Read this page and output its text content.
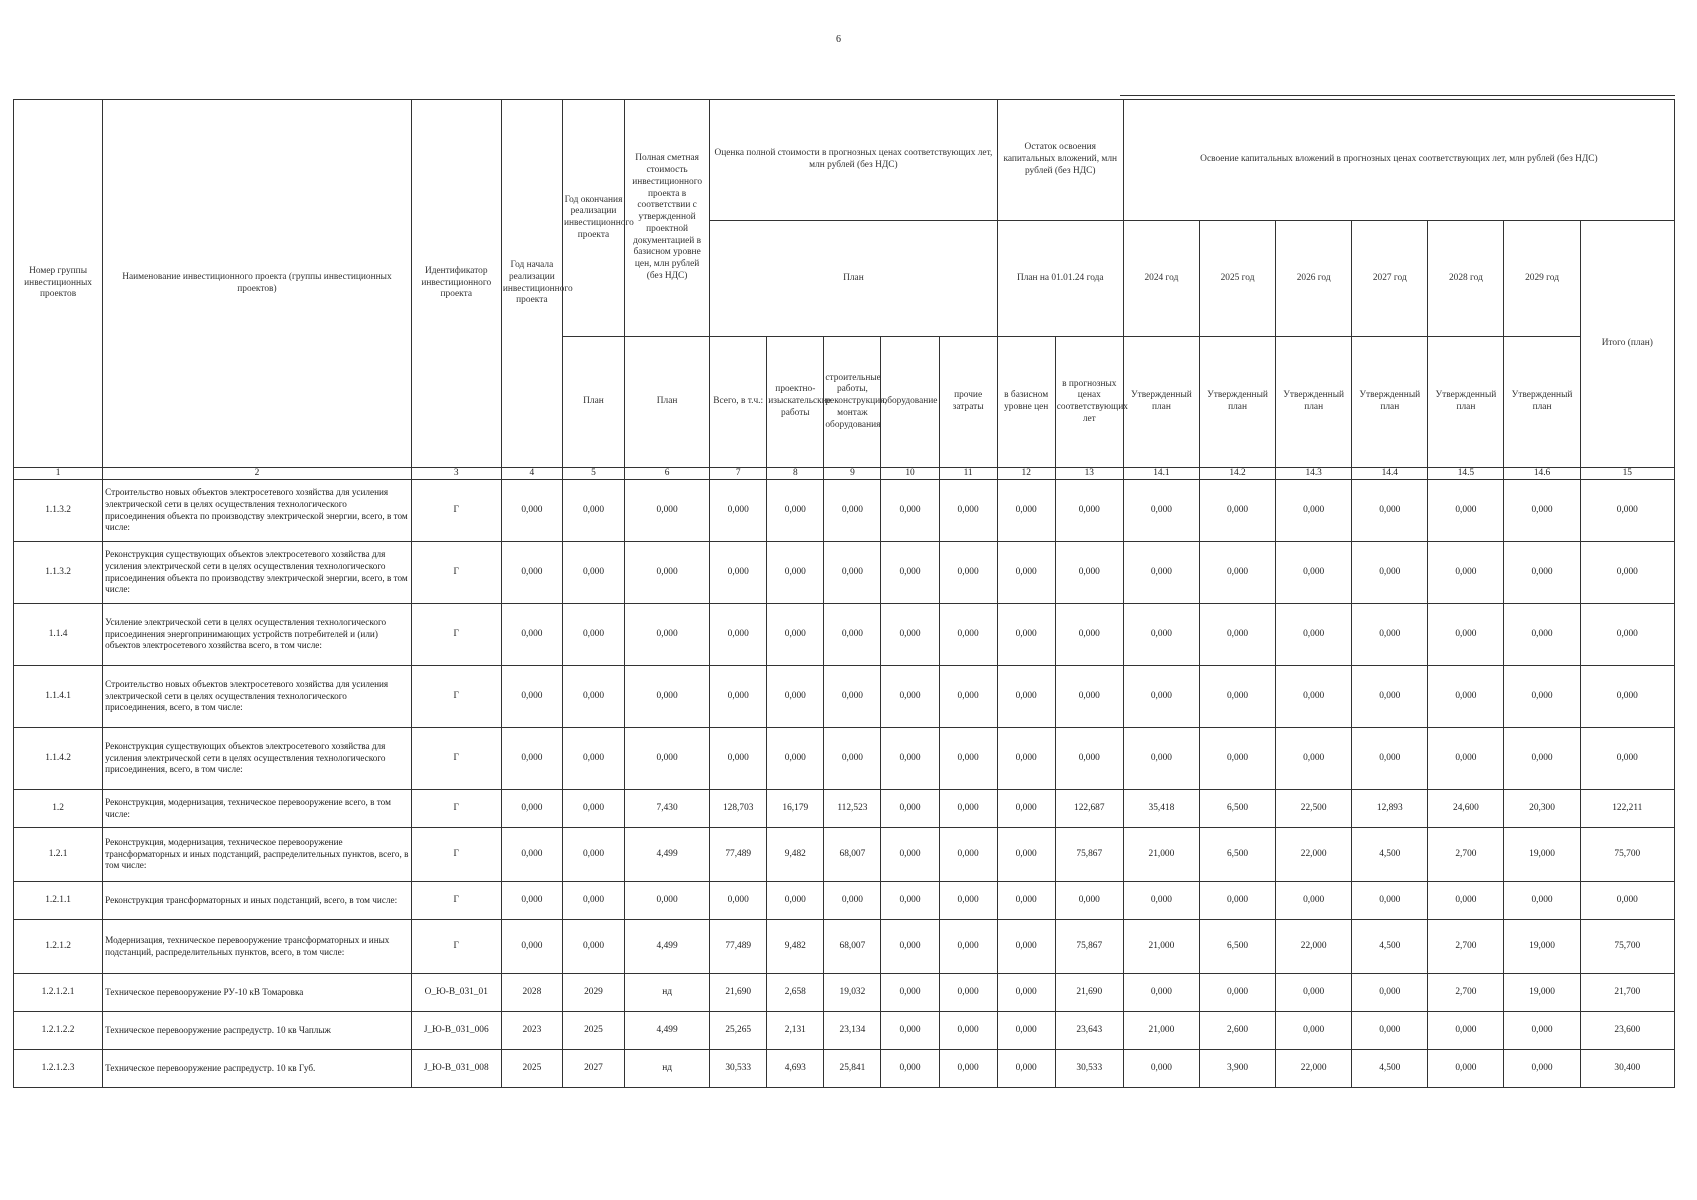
6
Номер группы инвестиционных проектов	Наименование инвестиционного проекта (группы инвестиционных проектов)	Идентификатор инвестиционного проекта	Год начала реализации инвестиционного проекта	Год окончания реализации инвестиционного проекта	Полная сметная стоимость инвестиционного проекта в соответствии с утвержденной проектной документацией в базисном уровне цен, млн рублей (без НДС)	Оценка полной стоимости в прогнозных ценах соответствующих лет, млн рублей (без НДС)					Остаток освоения капитальных вложений, млн рублей (без НДС)		Освоение капитальных вложений в прогнозных ценах соответствующих лет, млн рублей (без НДС)						
						План					План на 01.01.24 года		2024 год	2025 год	2026 год	2027 год	2028 год	2029 год	Итого (план)
				План	План	Всего, в т.ч.:	проектно-изыскательские работы	строительные работы, реконструкция, монтаж оборудования	оборудование	прочие затраты	в базисном уровне цен	в прогнозных ценах соответствующих лет	Утвержденный план	Утвержденный план	Утвержденный план	Утвержденный план	Утвержденный план	Утвержденный план	
1	2	3	4	5	6	7	8	9	10	11	12	13	14.1	14.2	14.3	14.4	14.5	14.6	15
1.1.3.2	Строительство новых объектов электросетевого хозяйства для усиления электрической сети в целях осуществления технологического присоединения объекта по производству электрической энергии, всего, в том числе:	Г	0,000	0,000	0,000	0,000	0,000	0,000	0,000	0,000	0,000	0,000	0,000	0,000	0,000	0,000	0,000	0,000	0,000
1.1.3.2	Реконструкция существующих объектов электросетевого хозяйства для усиления электрической сети в целях осуществления технологического присоединения объекта по производству электрической энергии, всего, в том числе:	Г	0,000	0,000	0,000	0,000	0,000	0,000	0,000	0,000	0,000	0,000	0,000	0,000	0,000	0,000	0,000	0,000	0,000
1.1.4	Усиление электрической сети в целях осуществления технологического присоединения энергопринимающих устройств потребителей и (или) объектов электросетевого хозяйства всего, в том числе:	Г	0,000	0,000	0,000	0,000	0,000	0,000	0,000	0,000	0,000	0,000	0,000	0,000	0,000	0,000	0,000	0,000	0,000
1.1.4.1	Строительство новых объектов электросетевого хозяйства для усиления электрической сети в целях осуществления технологического присоединения, всего, в том числе:	Г	0,000	0,000	0,000	0,000	0,000	0,000	0,000	0,000	0,000	0,000	0,000	0,000	0,000	0,000	0,000	0,000	0,000
1.1.4.2	Реконструкция существующих объектов электросетевого хозяйства для усиления электрической сети в целях осуществления технологического присоединения, всего, в том числе:	Г	0,000	0,000	0,000	0,000	0,000	0,000	0,000	0,000	0,000	0,000	0,000	0,000	0,000	0,000	0,000	0,000	0,000
1.2	Реконструкция, модернизация, техническое перевооружение всего, в том числе:	Г	0,000	0,000	7,430	128,703	16,179	112,523	0,000	0,000	0,000	122,687	35,418	6,500	22,500	12,893	24,600	20,300	122,211
1.2.1	Реконструкция, модернизация, техническое перевооружение трансформаторных и иных подстанций, распределительных пунктов, всего, в том числе:	Г	0,000	0,000	4,499	77,489	9,482	68,007	0,000	0,000	0,000	75,867	21,000	6,500	22,000	4,500	2,700	19,000	75,700
1.2.1.1	Реконструкция трансформаторных и иных подстанций, всего, в том числе:	Г	0,000	0,000	0,000	0,000	0,000	0,000	0,000	0,000	0,000	0,000	0,000	0,000	0,000	0,000	0,000	0,000	0,000
1.2.1.2	Модернизация, техническое перевооружение трансформаторных и иных подстанций, распределительных пунктов, всего, в том числе:	Г	0,000	0,000	4,499	77,489	9,482	68,007	0,000	0,000	0,000	75,867	21,000	6,500	22,000	4,500	2,700	19,000	75,700
1.2.1.2.1	Техническое перевооружение РУ-10 кВ Томаровка	О_Ю-В_031_01	2028	2029	нд	21,690	2,658	19,032	0,000	0,000	0,000	21,690	0,000	0,000	0,000	0,000	2,700	19,000	21,700
1.2.1.2.2	Техническое перевооружение распредустр. 10 кв Чаплыж	J_Ю-В_031_006	2023	2025	4,499	25,265	2,131	23,134	0,000	0,000	0,000	23,643	21,000	2,600	0,000	0,000	0,000	0,000	23,600
1.2.1.2.3	Техническое перевооружение распредустр. 10 кв Губ.	J_Ю-В_031_008	2025	2027	нд	30,533	4,693	25,841	0,000	0,000	0,000	30,533	0,000	3,900	22,000	4,500	0,000	0,000	30,400
